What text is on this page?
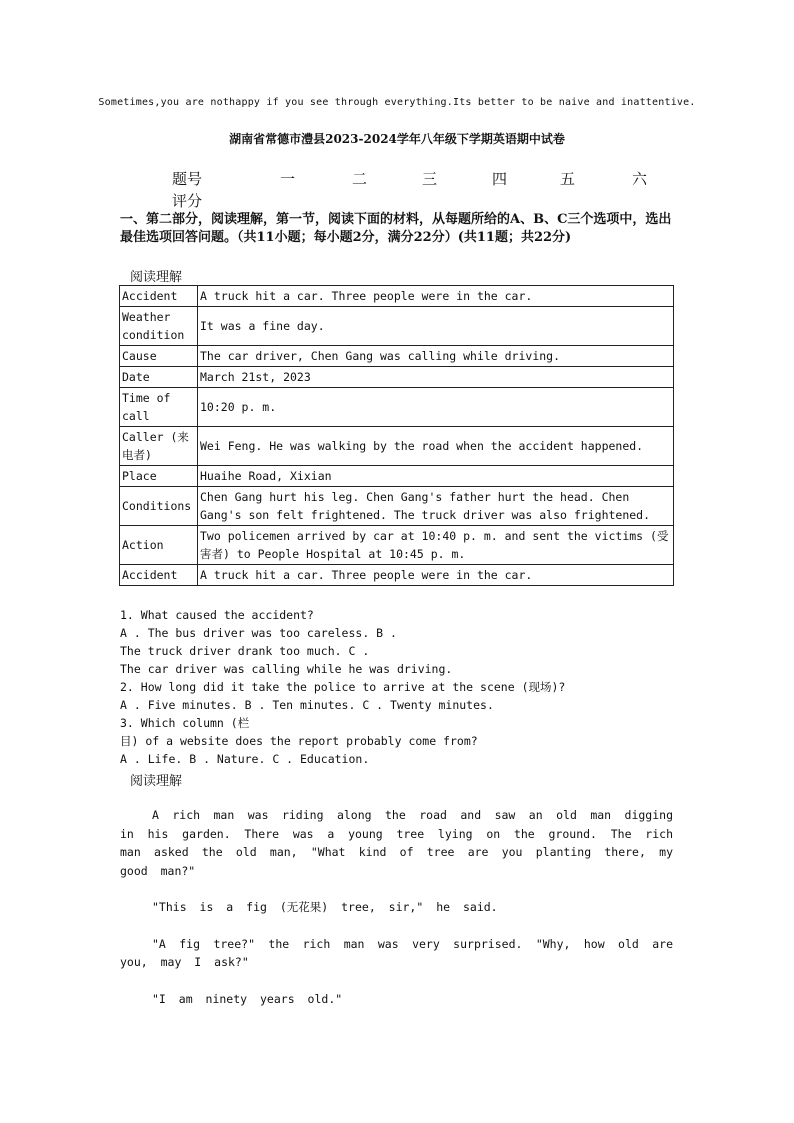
Sometimes,you are nothappy if you see through everything.Its better to be naive and inattentive.
湖南省常德市澧县2023-2024学年八年级下学期英语期中试卷
题号	一	二	三	四	五	六
评分
一、第二部分，阅读理解，第一节，阅读下面的材料，从每题所给的A、B、C三个选项中，选出最佳选项回答问题。（共11小题；每小题2分，满分22分）(共11题；共22分)
阅读理解
Accident	A truck hit a car. Three people were in the car.
Weather condition	It was a fine day.
Cause	The car driver, Chen Gang was calling while driving.
Date	March 21st, 2023
Time of call	10:20 p. m.
Caller (来电者)	Wei Feng. He was walking by the road when the accident happened.
Place	Huaihe Road, Xixian
Conditions	Chen Gang hurt his leg. Chen Gang's father hurt the head. Chen Gang's son felt frightened. The truck driver was also frightened.
Action	Two policemen arrived by car at 10:40 p. m. and sent the victims (受害者) to People Hospital at 10:45 p. m.
Accident	A truck hit a car. Three people were in the car.
1. What caused the accident?
A . The bus driver was too careless. B .
The truck driver drank too much. C .
The car driver was calling while he was driving.
2. How long did it take the police to arrive at the scene (现场)?
A . Five minutes. B . Ten minutes. C . Twenty minutes.
3. Which column (栏
目) of a website does the report probably come from?
A . Life. B . Nature. C . Education.
阅读理解

A rich man was riding along the road and saw an old man digging in his garden. There was a young tree lying on the ground. The rich man asked the old man, "What kind of tree are you planting there, my good man?"

"This is a fig (无花果) tree, sir," he said.

"A fig tree?" the rich man was very surprised. "Why, how old are you, may I ask?"

"I am ninety years old."
